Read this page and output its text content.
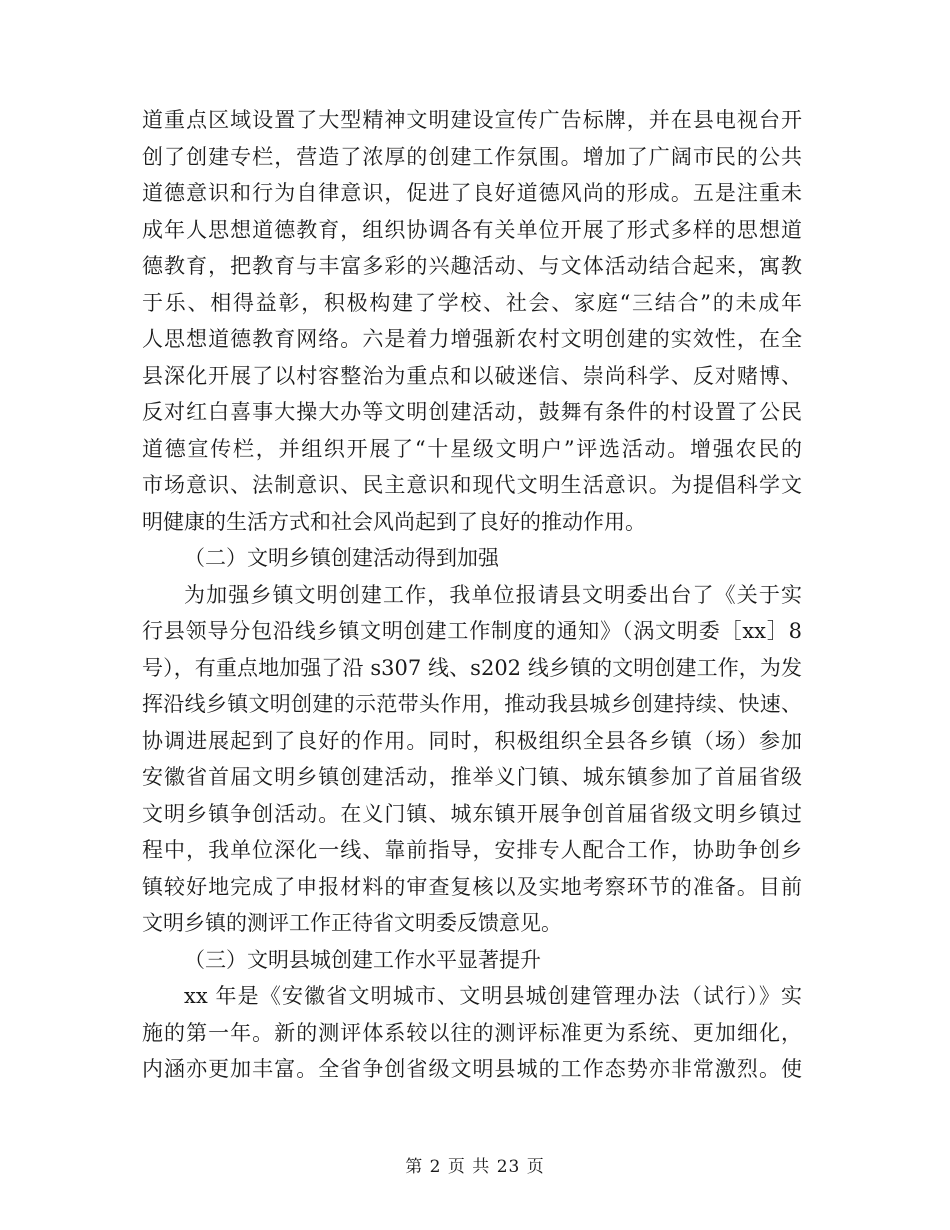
道重点区域设置了大型精神文明建设宣传广告标牌，并在县电视台开
创了创建专栏，营造了浓厚的创建工作氛围。增加了广阔市民的公共
道德意识和行为自律意识，促进了良好道德风尚的形成。五是注重未
成年人思想道德教育，组织协调各有关单位开展了形式多样的思想道
德教育，把教育与丰富多彩的兴趣活动、与文体活动结合起来，寓教
于乐、相得益彰，积极构建了学校、社会、家庭“三结合”的未成年
人思想道德教育网络。六是着力增强新农村文明创建的实效性，在全
县深化开展了以村容整治为重点和以破迷信、崇尚科学、反对赌博、
反对红白喜事大操大办等文明创建活动，鼓舞有条件的村设置了公民
道德宣传栏，并组织开展了“十星级文明户”评选活动。增强农民的
市场意识、法制意识、民主意识和现代文明生活意识。为提倡科学文
明健康的生活方式和社会风尚起到了良好的推动作用。
（二）文明乡镇创建活动得到加强
为加强乡镇文明创建工作，我单位报请县文明委出台了《关于实
行县领导分包沿线乡镇文明创建工作制度的通知》（涡文明委［xx］8
号），有重点地加强了沿 s307 线、s202 线乡镇的文明创建工作，为发
挥沿线乡镇文明创建的示范带头作用，推动我县城乡创建持续、快速、
协调进展起到了良好的作用。同时，积极组织全县各乡镇（场）参加
安徽省首届文明乡镇创建活动，推举义门镇、城东镇参加了首届省级
文明乡镇争创活动。在义门镇、城东镇开展争创首届省级文明乡镇过
程中，我单位深化一线、靠前指导，安排专人配合工作，协助争创乡
镇较好地完成了申报材料的审查复核以及实地考察环节的准备。目前
文明乡镇的测评工作正待省文明委反馈意见。
（三）文明县城创建工作水平显著提升
xx 年是《安徽省文明城市、文明县城创建管理办法（试行）》实
施的第一年。新的测评体系较以往的测评标准更为系统、更加细化，
内涵亦更加丰富。全省争创省级文明县城的工作态势亦非常激烈。使
第 2 页 共 23 页
